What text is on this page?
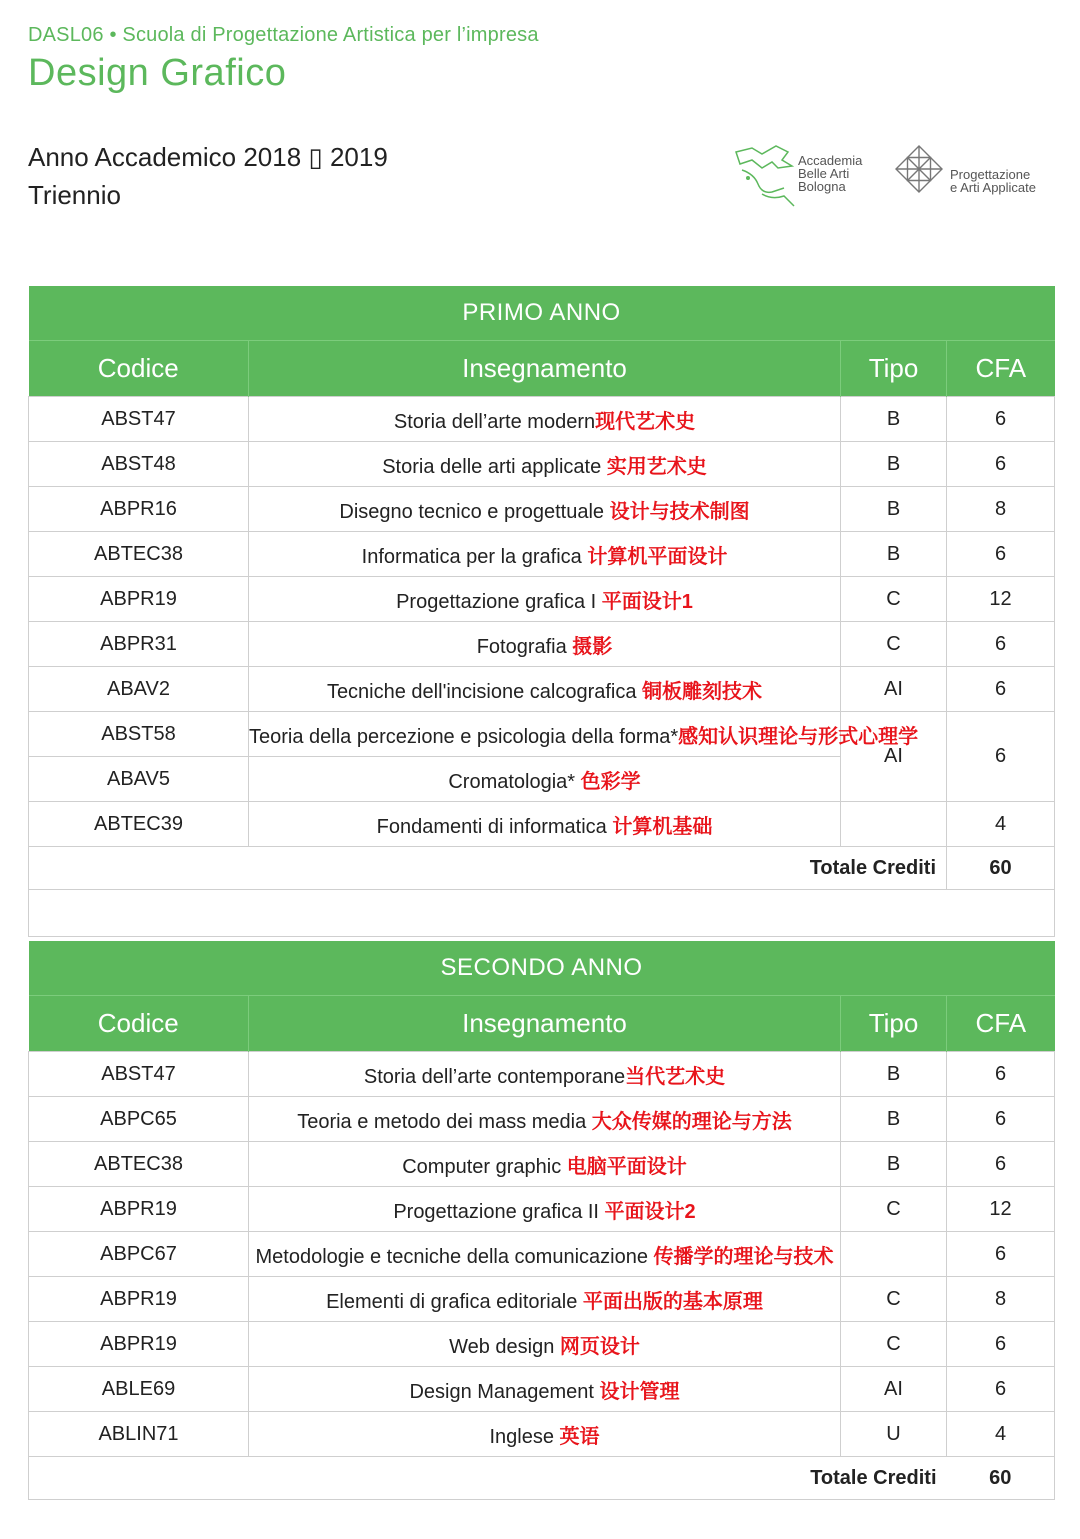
DASL06 • Scuola di Progettazione Artistica per l’impresa
Design Grafico
Anno Accademico 2018 ▯ 2019
Triennio
Accademia
Belle Arti
Bologna
Progettazione
e Arti Applicate
PRIMO ANNO			
Codice	Insegnamento	Tipo	CFA
ABST47	Storia dell’arte modern现代艺术史	B	6
ABST48	Storia delle arti applicate 实用艺术史	B	6
ABPR16	Disegno tecnico e progettuale 设计与技术制图	B	8
ABTEC38	Informatica per la grafica 计算机平面设计	B	6
ABPR19	Progettazione grafica I 平面设计1	C	12
ABPR31	Fotografia 摄影	C	6
ABAV2	Tecniche dell'incisione calcografica 铜板雕刻技术	AI	6
ABST58	Teoria della percezione e psicologia della forma*感知认识理论与形式心理学	AI	6
ABAV5	Cromatologia* 色彩学		
ABTEC39	Fondamenti di informatica 计算机基础		4
Totale Crediti			60

SECONDO ANNO			
Codice	Insegnamento	Tipo	CFA
ABST47	Storia dell’arte contemporane当代艺术史	B	6
ABPC65	Teoria e metodo dei mass media 大众传媒的理论与方法	B	6
ABTEC38	Computer graphic 电脑平面设计	B	6
ABPR19	Progettazione grafica II 平面设计2	C	12
ABPC67	Metodologie e tecniche della comunicazione 传播学的理论与技术		6
ABPR19	Elementi di grafica editoriale 平面出版的基本原理	C	8
ABPR19	Web design 网页设计	C	6
ABLE69	Design Management 设计管理	AI	6
ABLIN71	Inglese 英语	U	4
Totale Crediti			60
